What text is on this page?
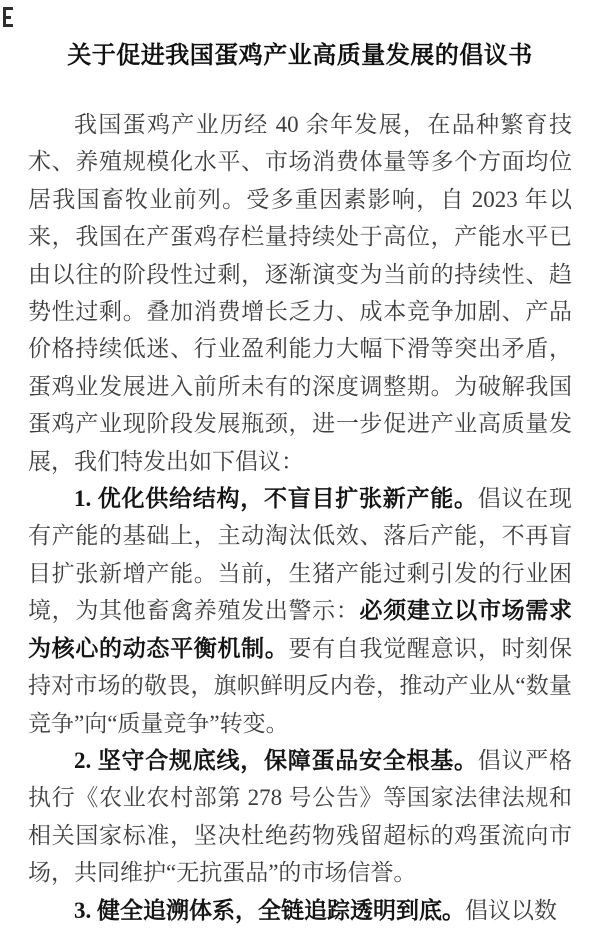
关于促进我国蛋鸡产业高质量发展的倡议书

我国蛋鸡产业历经 40 余年发展，在品种繁育技术、养殖规模化水平、市场消费体量等多个方面均位居我国畜牧业前列。受多重因素影响，自 2023 年以来，我国在产蛋鸡存栏量持续处于高位，产能水平已由以往的阶段性过剩，逐渐演变为当前的持续性、趋势性过剩。叠加消费增长乏力、成本竞争加剧、产品价格持续低迷、行业盈利能力大幅下滑等突出矛盾，蛋鸡业发展进入前所未有的深度调整期。为破解我国蛋鸡产业现阶段发展瓶颈，进一步促进产业高质量发展，我们特发出如下倡议：

1. 优化供给结构，不盲目扩张新产能。倡议在现有产能的基础上，主动淘汰低效、落后产能，不再盲目扩张新增产能。当前，生猪产能过剩引发的行业困境，为其他畜禽养殖发出警示：必须建立以市场需求为核心的动态平衡机制。要有自我觉醒意识，时刻保持对市场的敬畏，旗帜鲜明反内卷，推动产业从“数量竞争”向“质量竞争”转变。

2. 坚守合规底线，保障蛋品安全根基。倡议严格执行《农业农村部第 278 号公告》等国家法律法规和相关国家标准，坚决杜绝药物残留超标的鸡蛋流向市场，共同维护“无抗蛋品”的市场信誉。

3. 健全追溯体系，全链追踪透明到底。倡议以数
